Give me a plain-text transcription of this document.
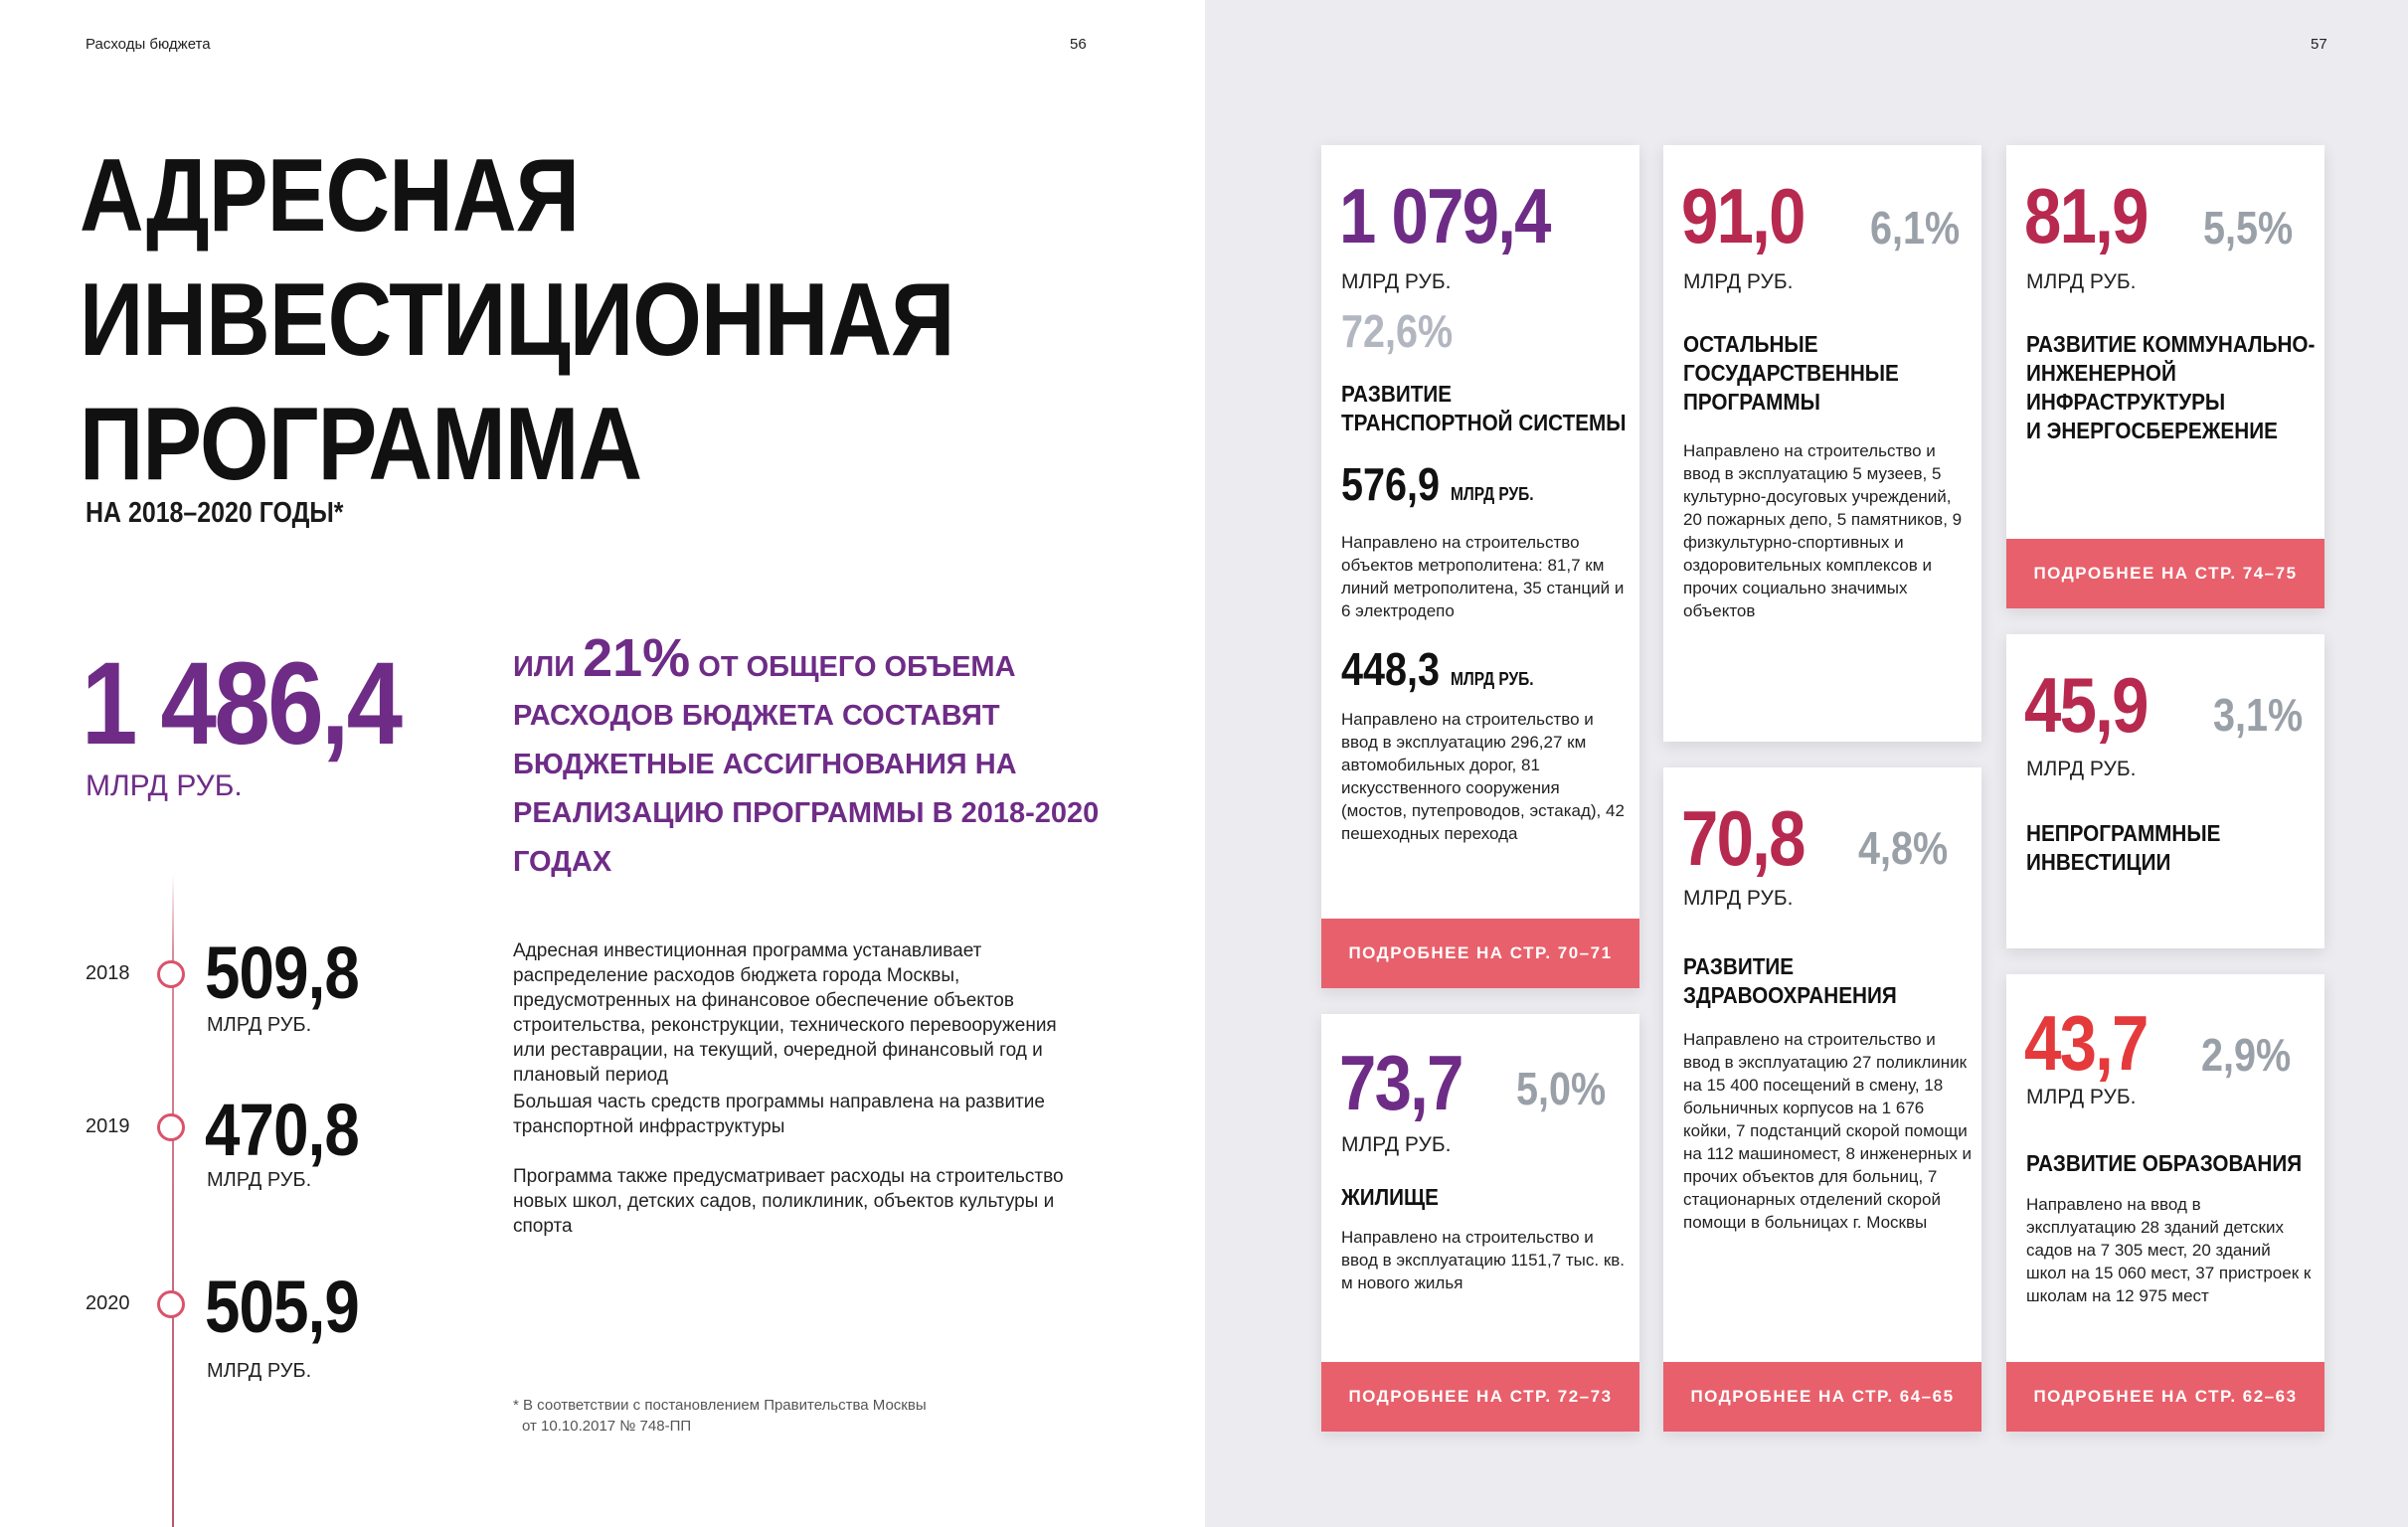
Расходы бюджета	56
АДРЕСНАЯ
ИНВЕСТИЦИОННАЯ
ПРОГРАММА
НА 2018–2020 ГОДЫ*
1 486,4
МЛРД РУБ.
ИЛИ 21% ОТ ОБЩЕГО ОБЪЕМА РАСХОДОВ БЮДЖЕТА СОСТАВЯТ БЮДЖЕТНЫЕ АССИГНОВАНИЯ НА РЕАЛИЗАЦИЮ ПРОГРАММЫ В 2018-2020 ГОДАХ
2018 509,8
МЛРД РУБ.
2019 470,8
МЛРД РУБ.
2020 505,9
МЛРД РУБ.
Адресная инвестиционная программа устанавливает распределение расходов бюджета города Москвы, предусмотренных на финансовое обеспечение объектов строительства, реконструкции, технического перевооружения или реставрации, на текущий, очередной финансовый год и плановый период
Большая часть средств программы направлена на развитие транспортной инфраструктуры
Программа также предусматривает расходы на строительство новых школ, детских садов, поликлиник, объектов культуры и спорта
* В соответствии с постановлением Правительства Москвы
от 10.10.2017 № 748-ПП
57
1 079,4
МЛРД РУБ.
72,6%
РАЗВИТИЕ
ТРАНСПОРТНОЙ СИСТЕМЫ
576,9 МЛРД РУБ.
Направлено на строительство объектов метрополитена: 81,7 км линий метрополитена, 35 станций и 6 электродепо
448,3 МЛРД РУБ.
Направлено на строительство и ввод в эксплуатацию 296,27 км автомобильных дорог, 81 искусственного сооружения (мостов, путепроводов, эстакад), 42 пешеходных перехода
ПОДРОБНЕЕ НА СТР. 70–71
73,7 5,0%
МЛРД РУБ.
ЖИЛИЩЕ
Направлено на строительство и ввод в эксплуатацию 1151,7 тыс. кв. м нового жилья
ПОДРОБНЕЕ НА СТР. 72–73
91,0 6,1%
МЛРД РУБ.
ОСТАЛЬНЫЕ
ГОСУДАРСТВЕННЫЕ
ПРОГРАММЫ
Направлено на строительство и ввод в эксплуатацию 5 музеев, 5 культурно-досуговых учреждений, 20 пожарных депо, 5 памятников, 9 физкультурно-спортивных и оздоровительных комплексов и прочих социально значимых объектов
70,8 4,8%
МЛРД РУБ.
РАЗВИТИЕ
ЗДРАВООХРАНЕНИЯ
Направлено на строительство и ввод в эксплуатацию 27 поликлиник на 15 400 посещений в смену, 18 больничных корпусов на 1 676 койки, 7 подстанций скорой помощи на 112 машиномест, 8 инженерных и прочих объектов для больниц, 7 стационарных отделений скорой помощи в больницах г. Москвы
ПОДРОБНЕЕ НА СТР. 64–65
81,9 5,5%
МЛРД РУБ.
РАЗВИТИЕ КОММУНАЛЬНО-
ИНЖЕНЕРНОЙ
ИНФРАСТРУКТУРЫ
И ЭНЕРГОСБЕРЕЖЕНИЕ
ПОДРОБНЕЕ НА СТР. 74–75
45,9 3,1%
МЛРД РУБ.
НЕПРОГРАММНЫЕ
ИНВЕСТИЦИИ
43,7 2,9%
МЛРД РУБ.
РАЗВИТИЕ ОБРАЗОВАНИЯ
Направлено на ввод в эксплуатацию 28 зданий детских садов на 7 305 мест, 20 зданий школ на 15 060 мест, 37 пристроек к школам на 12 975 мест
ПОДРОБНЕЕ НА СТР. 62–63
